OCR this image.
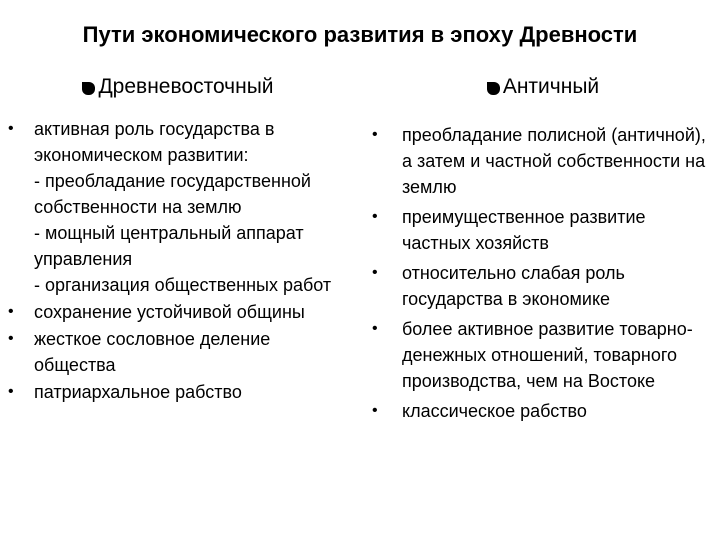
Пути экономического развития в эпоху Древности
Древневосточный
• активная роль государства в экономическом развитии:
- преобладание государственной собственности на землю
- мощный центральный аппарат управления
- организация общественных работ
• сохранение устойчивой общины
• жесткое сословное деление общества
• патриархальное рабство
Античный
• преобладание полисной (античной), а затем и частной собственности на землю
• преимущественное развитие частных хозяйств
• относительно слабая роль государства в экономике
• более активное развитие товарно-денежных отношений, товарного производства, чем на Востоке
• классическое рабство
